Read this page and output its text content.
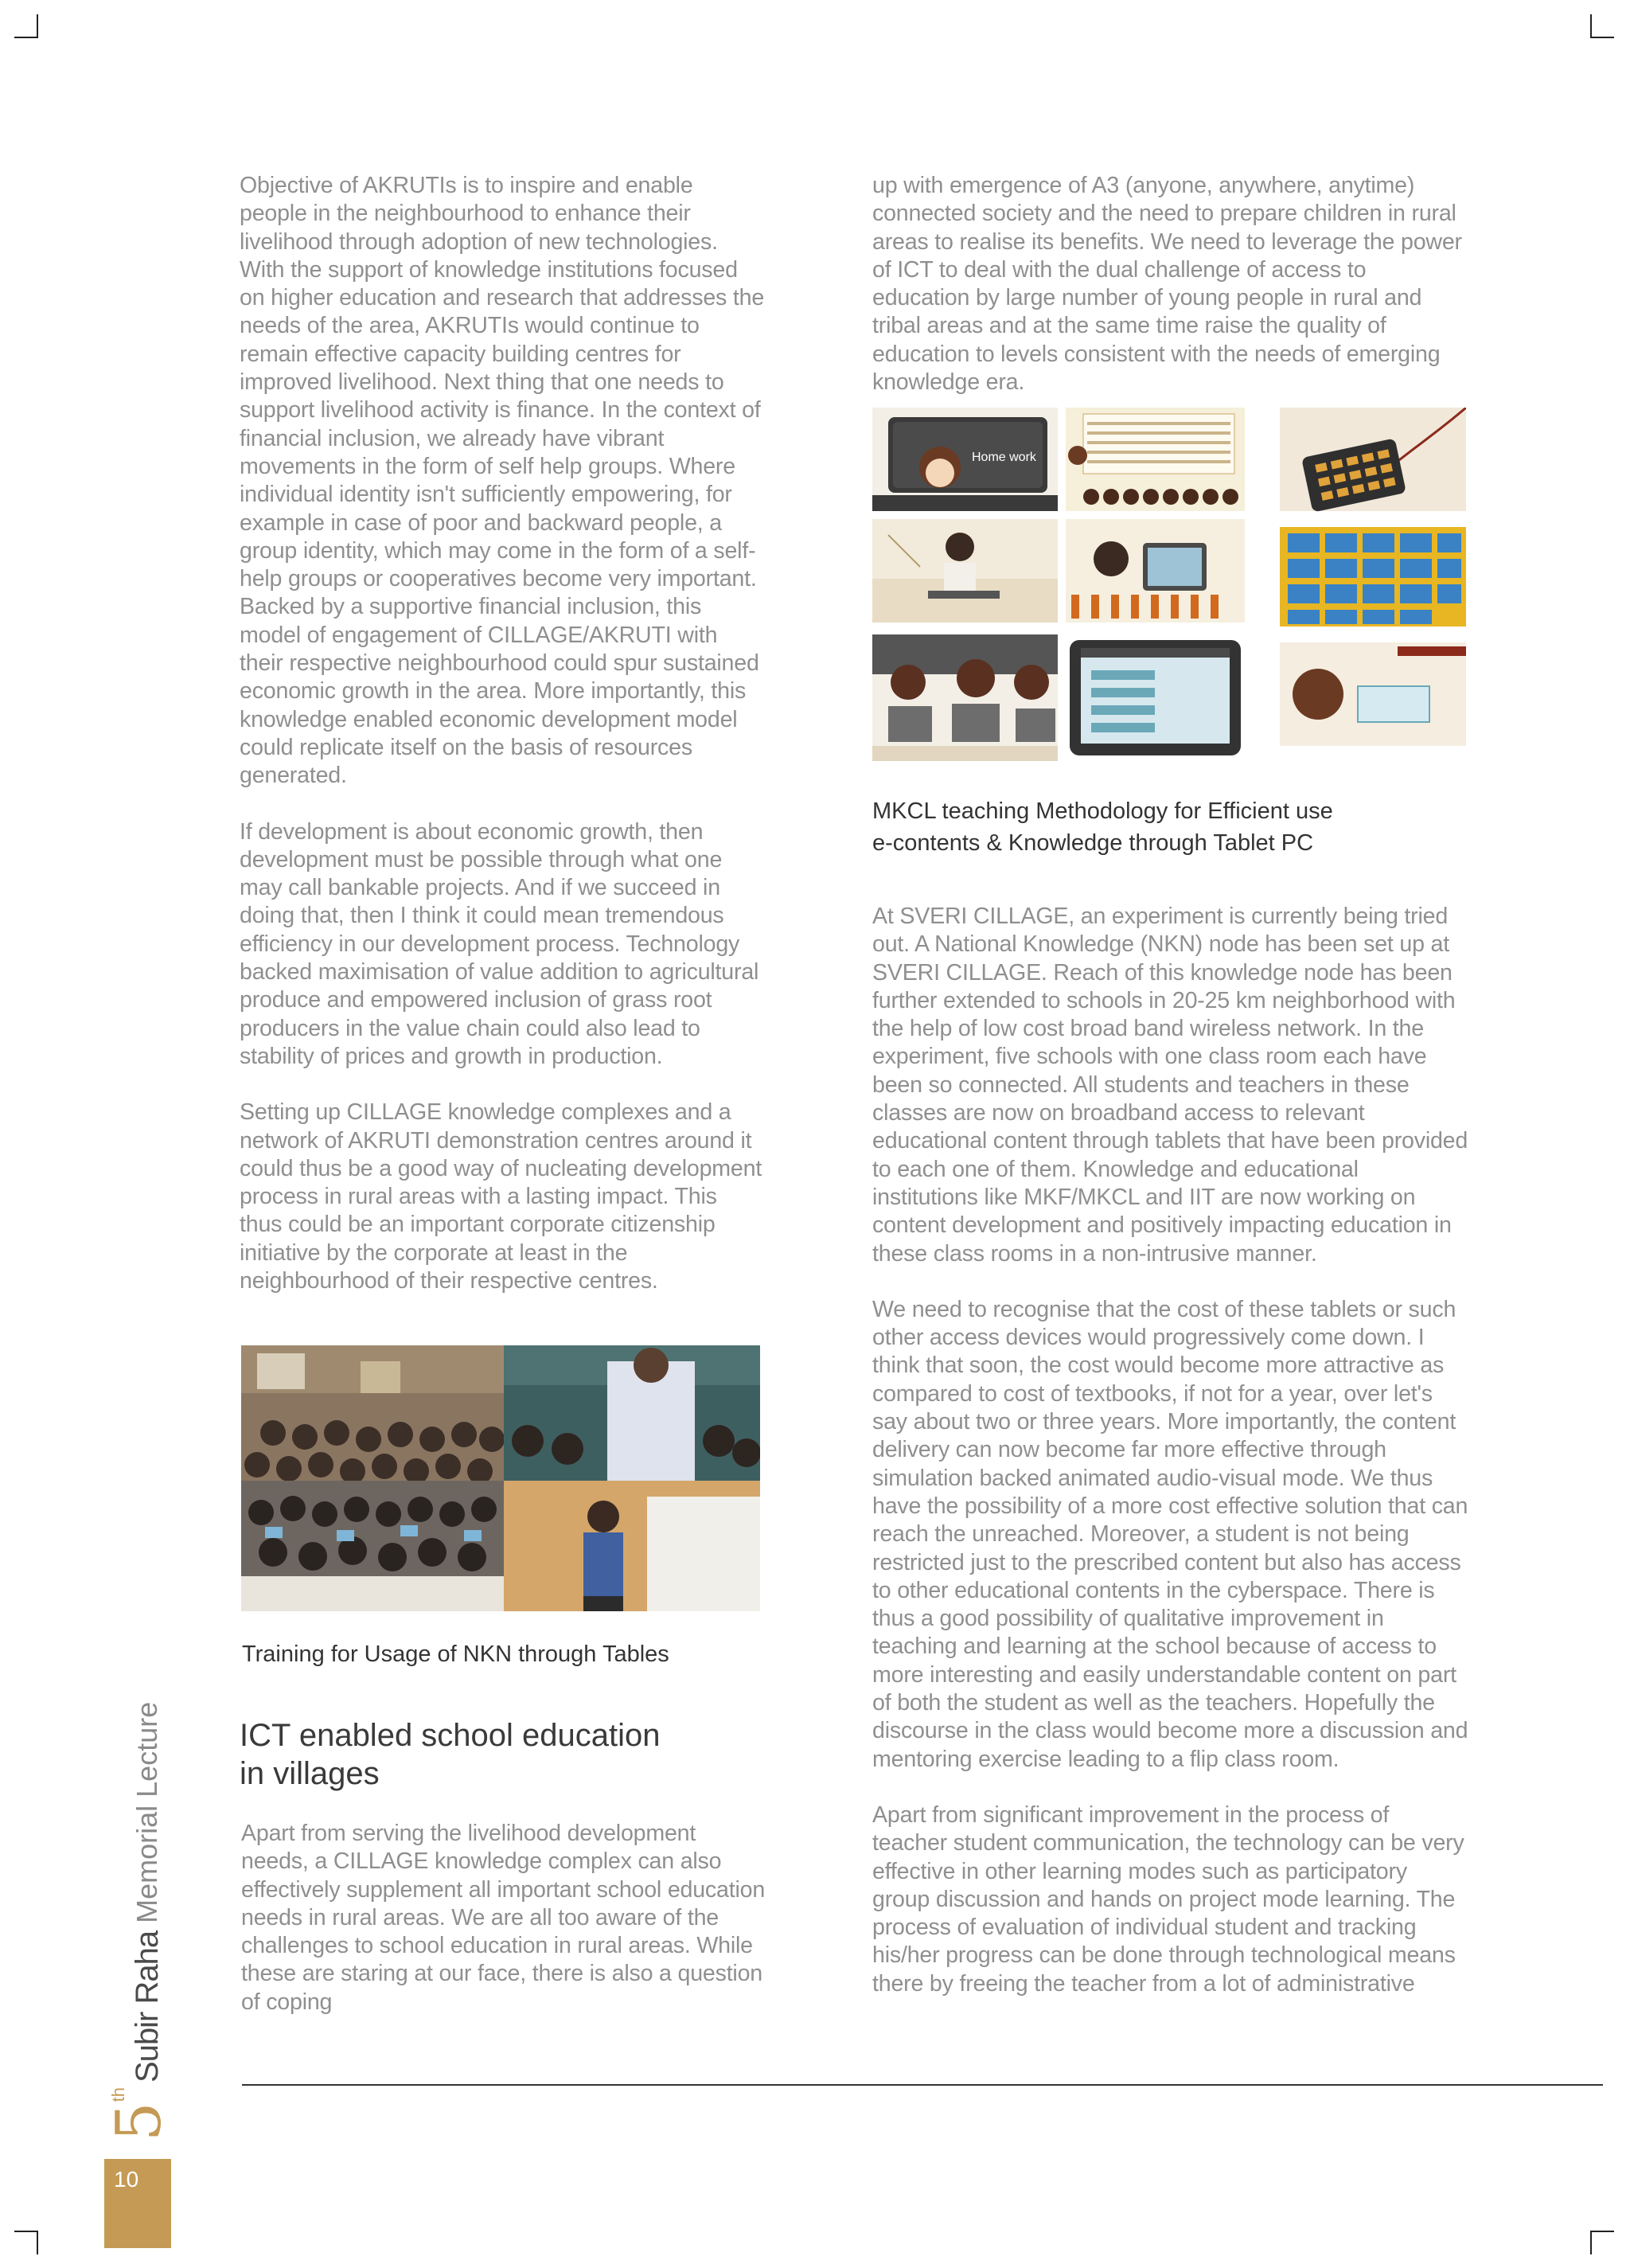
Objective of AKRUTIs is to inspire and enable people in the neighbourhood to enhance their livelihood through adoption of new technologies. With the support of knowledge institutions focused on higher education and research that addresses the needs of the area, AKRUTIs would continue to remain effective capacity building centres for improved livelihood. Next thing that one needs to support livelihood activity is finance. In the context of financial inclusion, we already have vibrant movements in the form of self help groups. Where individual identity isn't sufficiently empowering, for example in case of poor and backward people, a group identity, which may come in the form of a self-help groups or cooperatives become very important. Backed by a supportive financial inclusion, this model of engagement of CILLAGE/AKRUTI with their respective neighbourhood could spur sustained economic growth in the area. More importantly, this knowledge enabled economic development model could replicate itself on the basis of resources generated.

If development is about economic growth, then development must be possible through what one may call bankable projects. And if we succeed in doing that, then I think it could mean tremendous efficiency in our development process. Technology backed maximisation of value addition to agricultural produce and empowered inclusion of grass root producers in the value chain could also lead to stability of prices and growth in production.

Setting up CILLAGE knowledge complexes and a network of AKRUTI demonstration centres around it could thus be a good way of nucleating development process in rural areas with a lasting impact. This thus could be an important corporate citizenship initiative by the corporate at least in the neighbourhood of their respective centres.

Training for Usage of NKN through Tables
ICT enabled school education
in villages

Apart from serving the livelihood development needs, a CILLAGE knowledge complex can also effectively supplement all important school education needs in rural areas. We are all too aware of the challenges to school education in rural areas. While these are staring at our face, there is also a question of coping

up with emergence of A3 (anyone, anywhere, anytime) connected society and the need to prepare children in rural areas to realise its benefits. We need to leverage the power of ICT to deal with the dual challenge of access to education by large number of young people in rural and tribal areas and at the same time raise the quality of education to levels consistent with the needs of emerging knowledge era.

Home work
MKCL teaching Methodology for Efficient use
e-contents & Knowledge through Tablet PC

At SVERI CILLAGE, an experiment is currently being tried out. A National Knowledge (NKN) node has been set up at SVERI CILLAGE. Reach of this knowledge node has been further extended to schools in 20-25 km neighborhood with the help of low cost broad band wireless network. In the experiment, five schools with one class room each have been so connected. All students and teachers in these classes are now on broadband access to relevant educational content through tablets that have been provided to each one of them. Knowledge and educational institutions like MKF/MKCL and IIT are now working on content development and positively impacting education in these class rooms in a non-intrusive manner.

We need to recognise that the cost of these tablets or such other access devices would progressively come down. I think that soon, the cost would become more attractive as compared to cost of textbooks, if not for a year, over let's say about two or three years. More importantly, the content delivery can now become far more effective through simulation backed animated audio-visual mode. We thus have the possibility of a more cost effective solution that can reach the unreached. Moreover, a student is not being restricted just to the prescribed content but also has access to other educational contents in the cyberspace. There is thus a good possibility of qualitative improvement in teaching and learning at the school because of access to more interesting and easily understandable content on part of both the student as well as the teachers. Hopefully the discourse in the class would become more a discussion and mentoring exercise leading to a flip class room.

Apart from significant improvement in the process of teacher student communication, the technology can be very effective in other learning modes such as participatory group discussion and hands on project mode learning. The process of evaluation of individual student and tracking his/her progress can be done through technological means there by freeing the teacher from a lot of administrative

5
th
Subir Raha
Memorial Lecture
10
